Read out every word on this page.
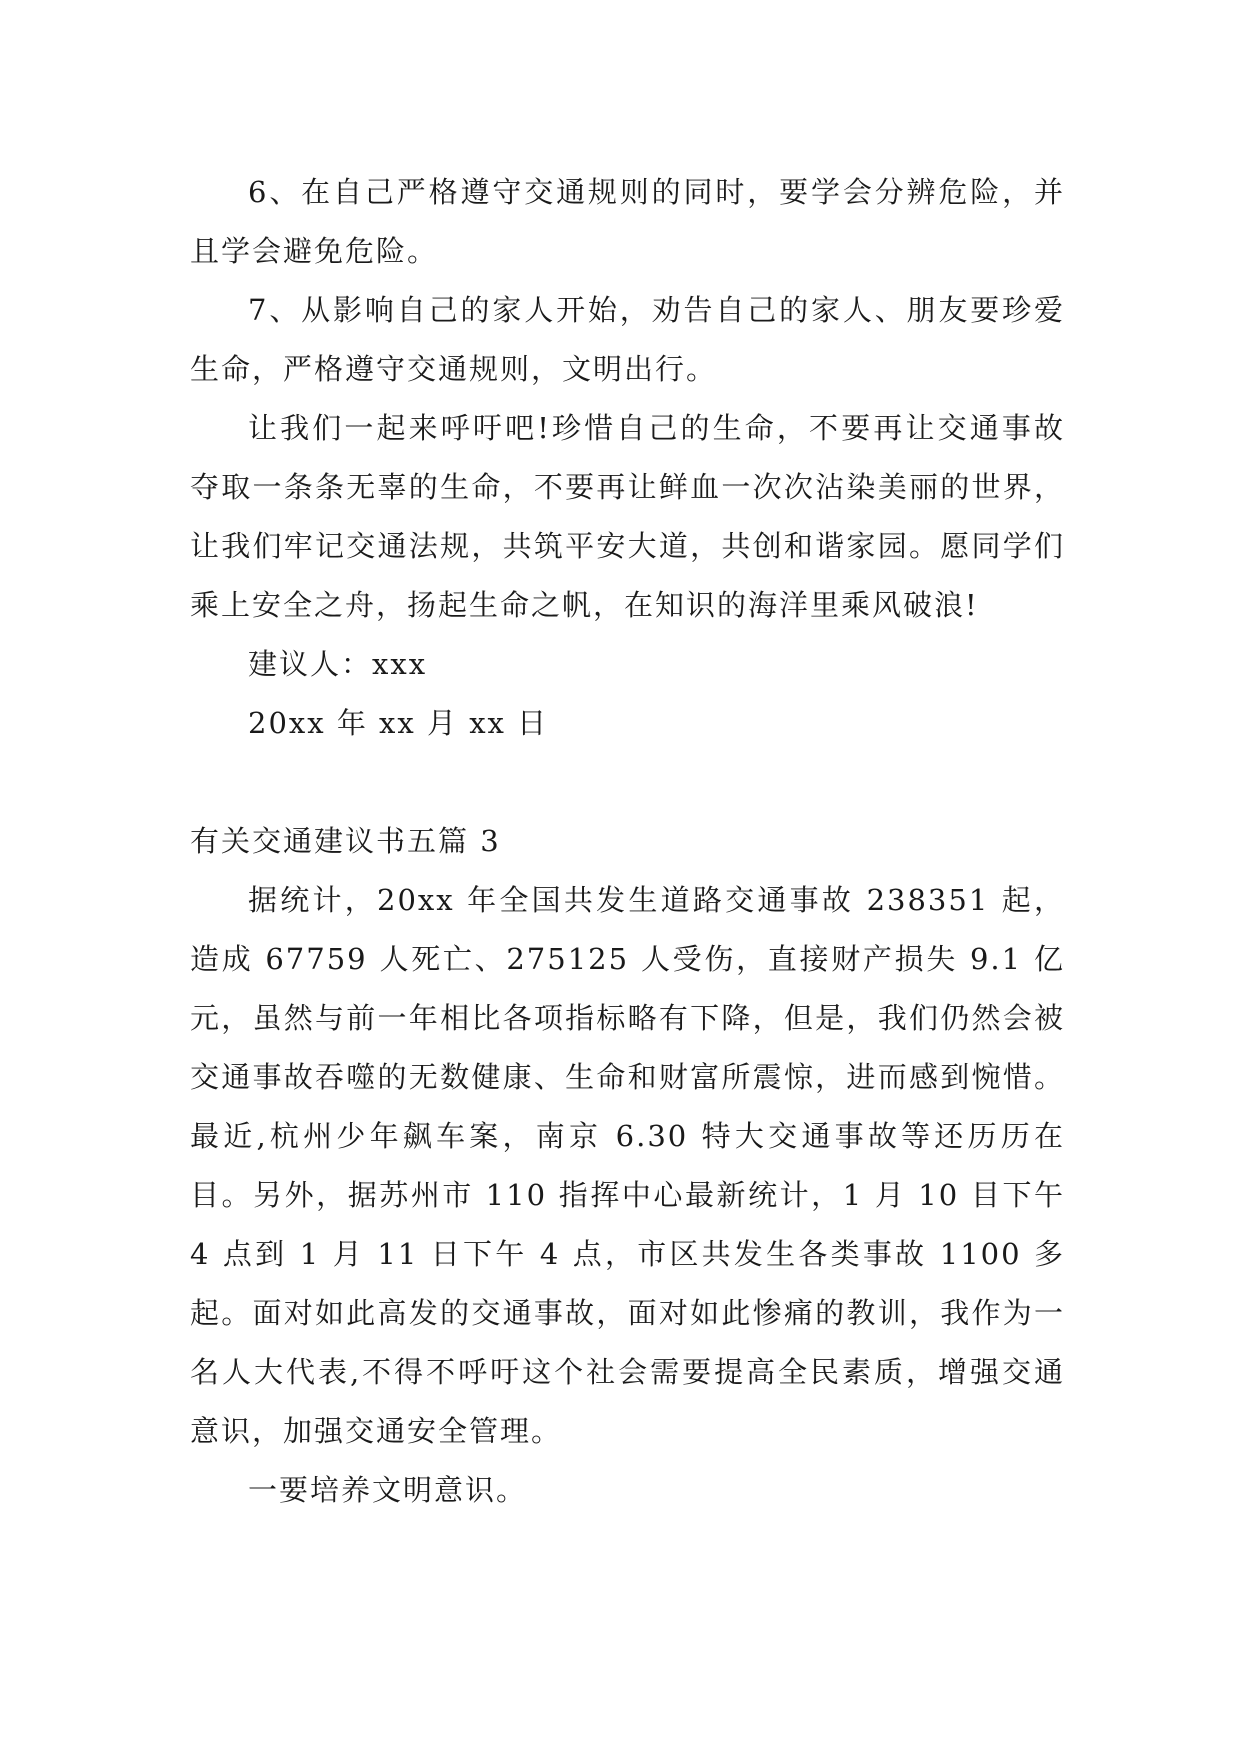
6、在自己严格遵守交通规则的同时，要学会分辨危险，并且学会避免危险。

7、从影响自己的家人开始，劝告自己的家人、朋友要珍爱生命，严格遵守交通规则，文明出行。

让我们一起来呼吁吧!珍惜自己的生命，不要再让交通事故夺取一条条无辜的生命，不要再让鲜血一次次沾染美丽的世界，让我们牢记交通法规，共筑平安大道，共创和谐家园。愿同学们乘上安全之舟，扬起生命之帆，在知识的海洋里乘风破浪!

建议人：xxx

20xx 年 xx 月 xx 日

有关交通建议书五篇 3

据统计，20xx 年全国共发生道路交通事故 238351 起，造成 67759 人死亡、275125 人受伤，直接财产损失 9.1 亿元，虽然与前一年相比各项指标略有下降，但是，我们仍然会被交通事故吞噬的无数健康、生命和财富所震惊，进而感到惋惜。最近,杭州少年飙车案，南京 6.30 特大交通事故等还历历在目。另外，据苏州市 110 指挥中心最新统计，1 月 10 目下午 4 点到 1 月 11 日下午 4 点，市区共发生各类事故 1100 多起。面对如此高发的交通事故，面对如此惨痛的教训，我作为一名人大代表,不得不呼吁这个社会需要提高全民素质，增强交通意识，加强交通安全管理。

一要培养文明意识。
